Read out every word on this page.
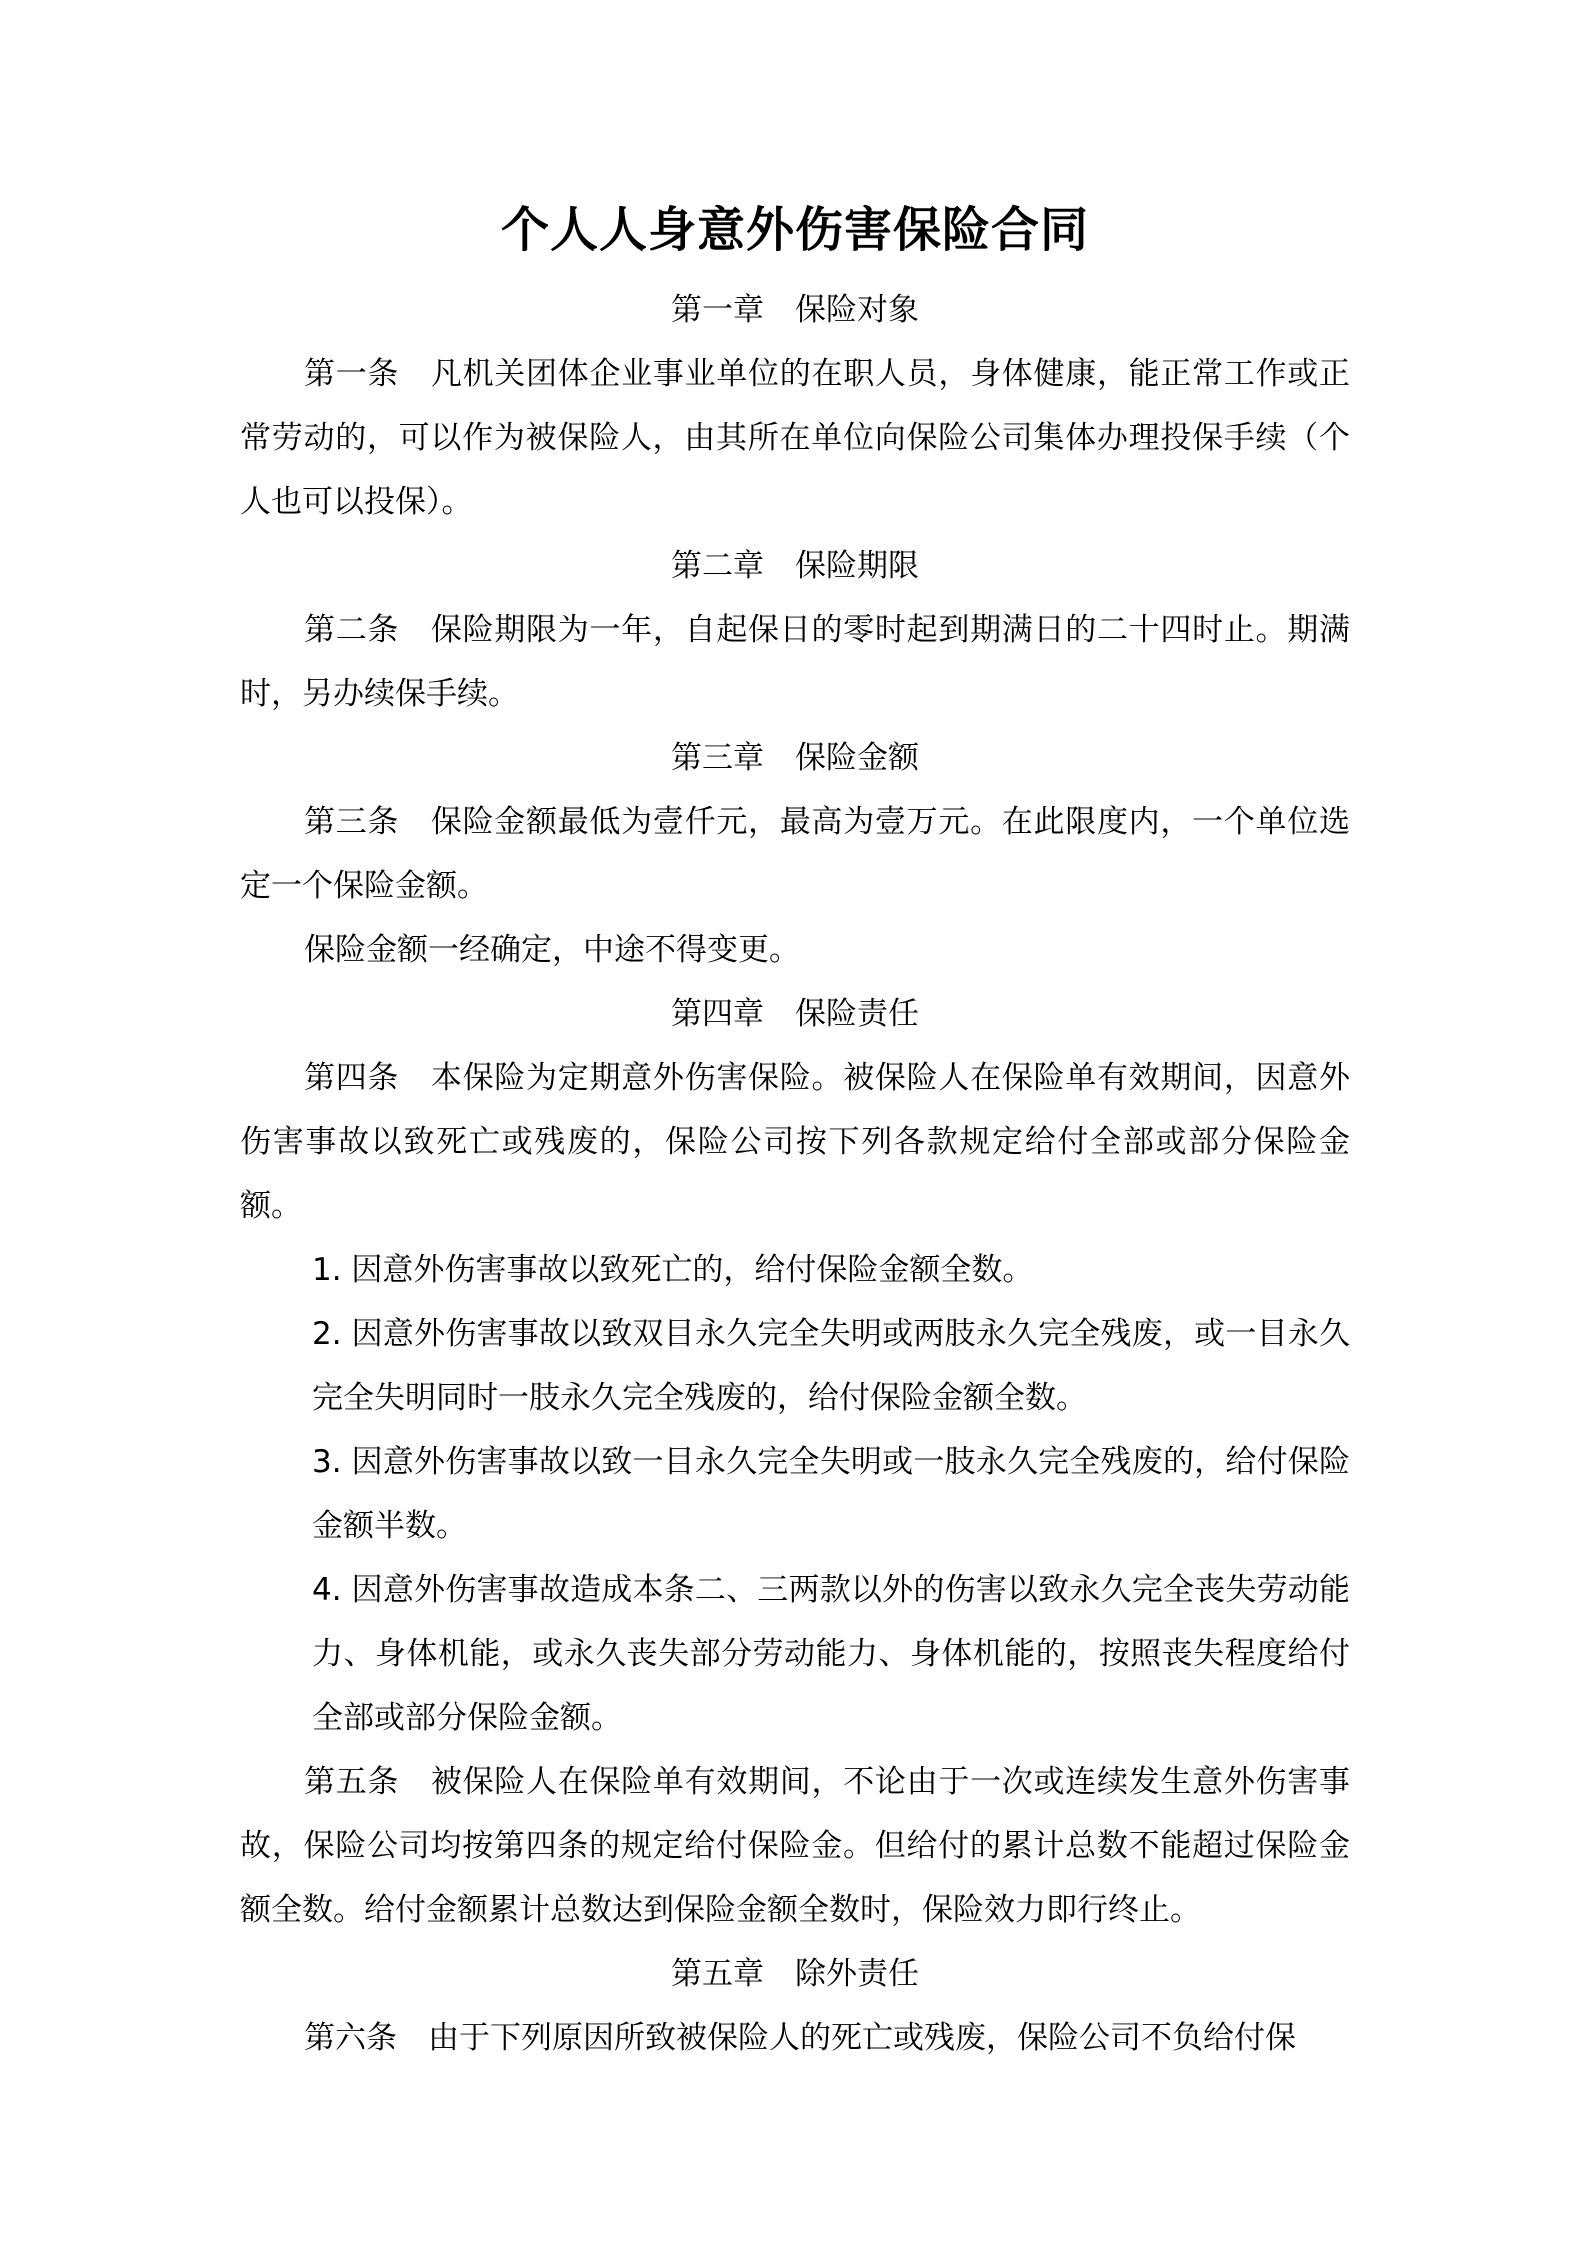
个人人身意外伤害保险合同
第一章　保险对象

第一条　凡机关团体企业事业单位的在职人员，身体健康，能正常工作或正常劳动的，可以作为被保险人，由其所在单位向保险公司集体办理投保手续（个人也可以投保）。

第二章　保险期限

第二条　保险期限为一年，自起保日的零时起到期满日的二十四时止。期满时，另办续保手续。

第三章　保险金额

第三条　保险金额最低为壹仟元，最高为壹万元。在此限度内，一个单位选定一个保险金额。

保险金额一经确定，中途不得变更。

第四章　保险责任

第四条　本保险为定期意外伤害保险。被保险人在保险单有效期间，因意外伤害事故以致死亡或残废的，保险公司按下列各款规定给付全部或部分保险金额。

1. 因意外伤害事故以致死亡的，给付保险金额全数。

2. 因意外伤害事故以致双目永久完全失明或两肢永久完全残废，或一目永久完全失明同时一肢永久完全残废的，给付保险金额全数。

3. 因意外伤害事故以致一目永久完全失明或一肢永久完全残废的，给付保险金额半数。

4. 因意外伤害事故造成本条二、三两款以外的伤害以致永久完全丧失劳动能力、身体机能，或永久丧失部分劳动能力、身体机能的，按照丧失程度给付全部或部分保险金额。

第五条　被保险人在保险单有效期间，不论由于一次或连续发生意外伤害事故，保险公司均按第四条的规定给付保险金。但给付的累计总数不能超过保险金额全数。给付金额累计总数达到保险金额全数时，保险效力即行终止。

第五章　除外责任

第六条　由于下列原因所致被保险人的死亡或残废，保险公司不负给付保
